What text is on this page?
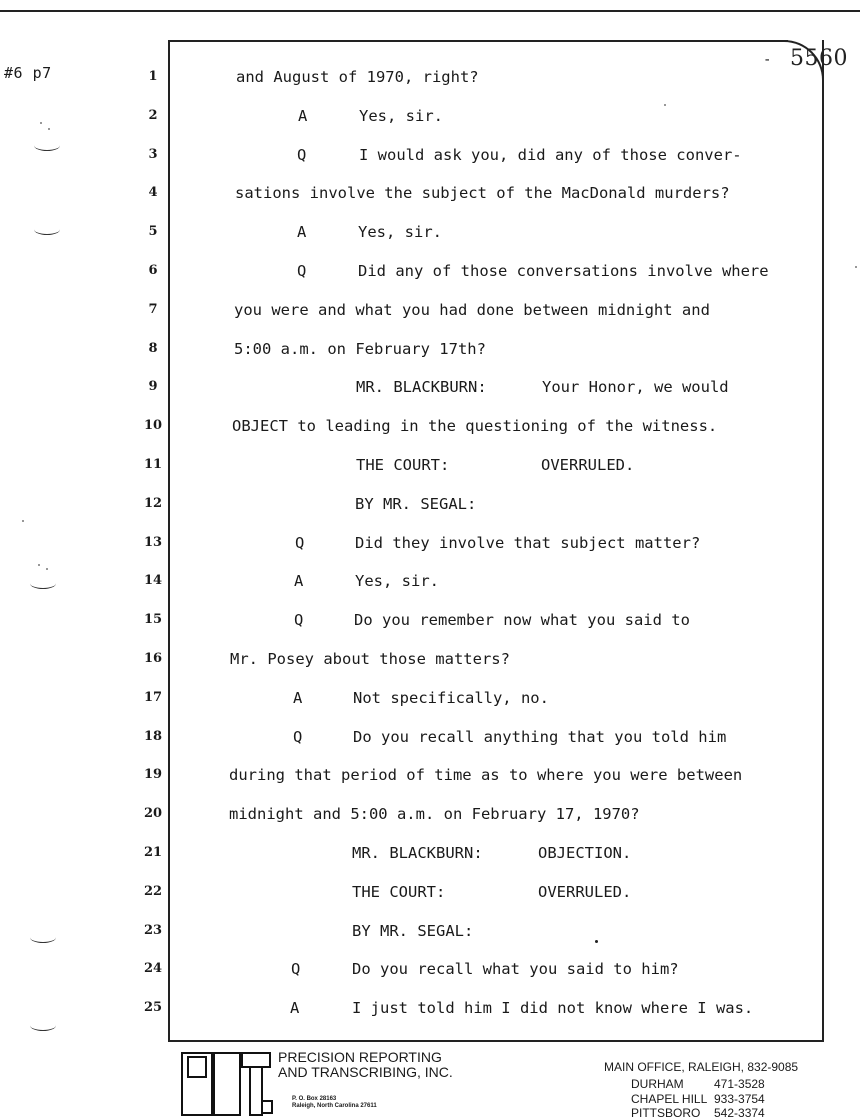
#6 p7
- 5560
1	and August of 1970, right?
2	A	Yes, sir.
3	Q	I would ask you, did any of those conver-
4	sations involve the subject of the MacDonald murders?
5	A	Yes, sir.
6	Q	Did any of those conversations involve where
7	you were and what you had done between midnight and
8	5:00 a.m. on February 17th?
9	MR. BLACKBURN:	Your Honor, we would
10	OBJECT to leading in the questioning of the witness.
11	THE COURT:	OVERRULED.
12	BY MR. SEGAL:
13	Q	Did they involve that subject matter?
14	A	Yes, sir.
15	Q	Do you remember now what you said to
16	Mr. Posey about those matters?
17	A	Not specifically, no.
18	Q	Do you recall anything that you told him
19	during that period of time as to where you were between
20	midnight and 5:00 a.m. on February 17, 1970?
21	MR. BLACKBURN:	OBJECTION.
22	THE COURT:	OVERRULED.
23	BY MR. SEGAL:
24	Q	Do you recall what you said to him?
25	A	I just told him I did not know where I was.
P&T
PRECISION REPORTING
AND TRANSCRIBING, INC.
P. O. Box 28163
Raleigh, North Carolina 27611
MAIN OFFICE, RALEIGH, 832-9085
DURHAM	471-3528
CHAPEL HILL 933-3754
PITTSBORO 542-3374
